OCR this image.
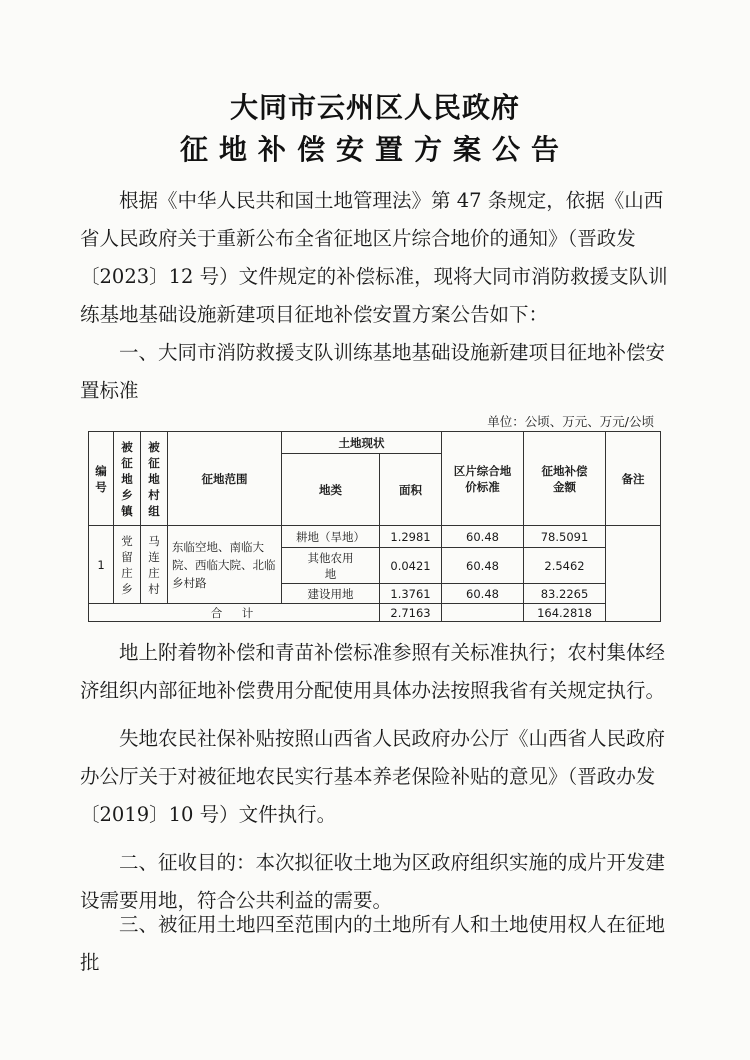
大同市云州区人民政府
征地补偿安置方案公告

根据《中华人民共和国土地管理法》第 47 条规定，依据《山西省人民政府关于重新公布全省征地区片综合地价的通知》（晋政发〔2023〕12 号）文件规定的补偿标准，现将大同市消防救援支队训练基地基础设施新建项目征地补偿安置方案公告如下：

一、大同市消防救援支队训练基地基础设施新建项目征地补偿安置标准

单位：公顷、万元、万元/公顷
编号	被征地乡镇	被征地村组	征地范围	土地现状		区片综合地价标准	征地补偿金额	备注
				地类	面积			
1	党留庄乡	马连庄村	东临空地、南临大院、西临大院、北临乡村路	耕地（旱地）	1.2981	60.48	78.5091	
				其他农用地	0.0421	60.48	2.5462	
				建设用地	1.3761	60.48	83.2265	
合　计					2.7163		164.2818	

地上附着物补偿和青苗补偿标准参照有关标准执行；农村集体经济组织内部征地补偿费用分配使用具体办法按照我省有关规定执行。

失地农民社保补贴按照山西省人民政府办公厅《山西省人民政府办公厅关于对被征地农民实行基本养老保险补贴的意见》（晋政办发〔2019〕10 号）文件执行。

二、征收目的：本次拟征收土地为区政府组织实施的成片开发建设需要用地，符合公共利益的需要。

三、被征用土地四至范围内的土地所有人和土地使用权人在征地批
